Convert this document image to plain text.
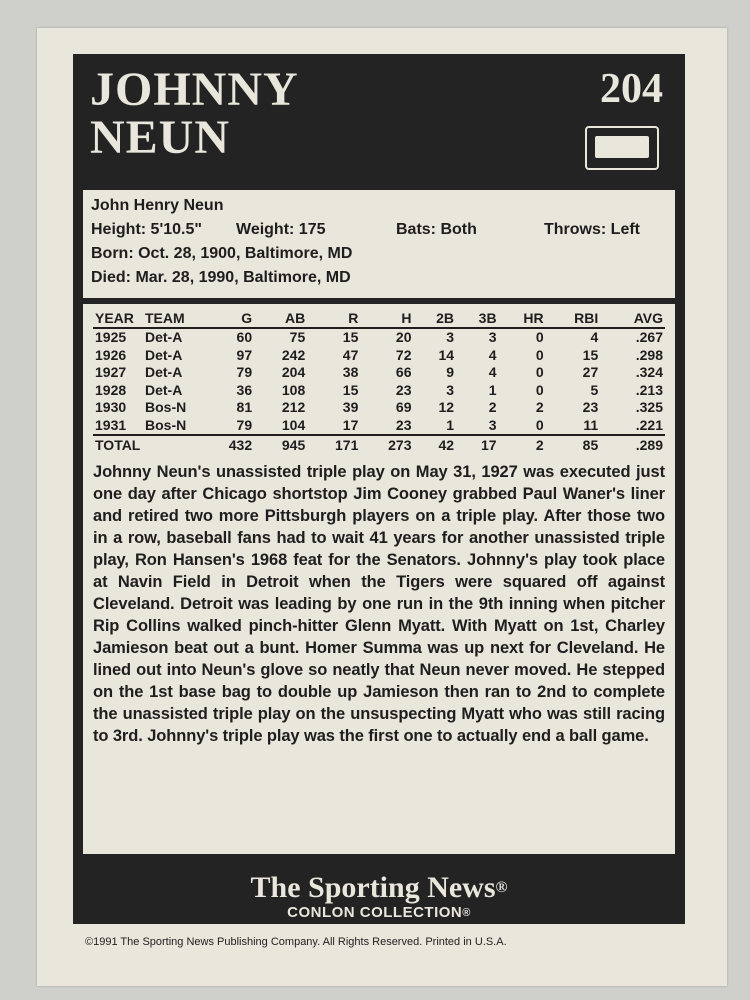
JOHNNY
NEUN
204
John Henry Neun
Height: 5'10.5"	Weight: 175	Bats: Both	Throws: Left
Born: Oct. 28, 1900, Baltimore, MD
Died: Mar. 28, 1990, Baltimore, MD
YEAR	TEAM	G	AB	R	H	2B	3B	HR	RBI	AVG
1925	Det-A	60	75	15	20	3	3	0	4	.267
1926	Det-A	97	242	47	72	14	4	0	15	.298
1927	Det-A	79	204	38	66	9	4	0	27	.324
1928	Det-A	36	108	15	23	3	1	0	5	.213
1930	Bos-N	81	212	39	69	12	2	2	23	.325
1931	Bos-N	79	104	17	23	1	3	0	11	.221
TOTAL		432	945	171	273	42	17	2	85	.289
Johnny Neun's unassisted triple play on May 31, 1927 was executed just one day after Chicago shortstop Jim Cooney grabbed Paul Waner's liner and retired two more Pittsburgh players on a triple play. After those two in a row, baseball fans had to wait 41 years for another unassisted triple play, Ron Hansen's 1968 feat for the Senators. Johnny's play took place at Navin Field in Detroit when the Tigers were squared off against Cleveland. Detroit was leading by one run in the 9th inning when pitcher Rip Collins walked pinch-hitter Glenn Myatt. With Myatt on 1st, Charley Jamieson beat out a bunt. Homer Summa was up next for Cleveland. He lined out into Neun's glove so neatly that Neun never moved. He stepped on the 1st base bag to double up Jamieson then ran to 2nd to complete the unassisted triple play on the unsuspecting Myatt who was still racing to 3rd. Johnny's triple play was the first one to actually end a ball game.
The Sporting News®
CONLON COLLECTION®
©1991 The Sporting News Publishing Company. All Rights Reserved. Printed in U.S.A.
